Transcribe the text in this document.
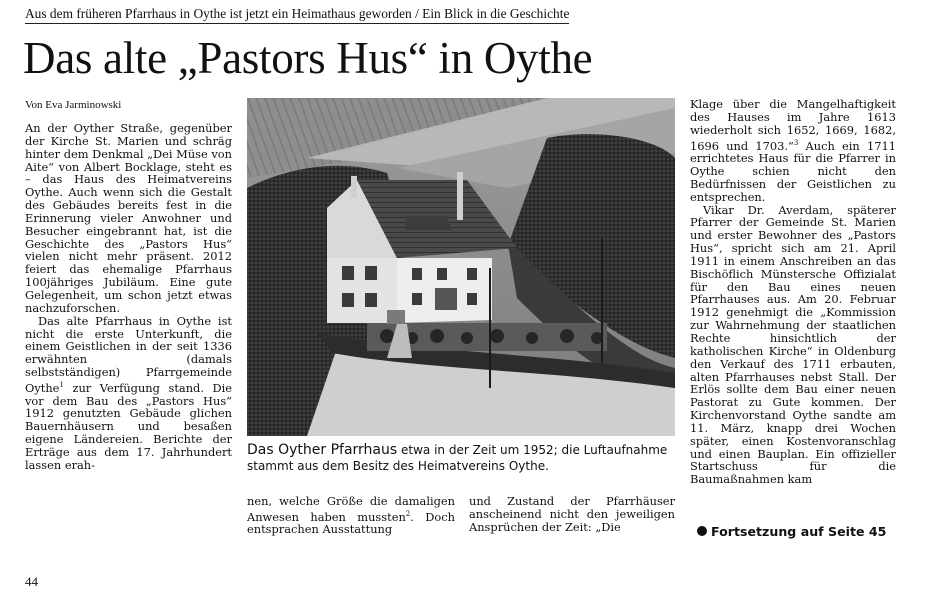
Aus dem früheren Pfarrhaus in Oythe ist jetzt ein Heimathaus geworden / Ein Blick in die Geschichte
Das alte „Pastors Hus“ in Oythe
Von Eva Jarminowski

An der Oyther Straße, gegenüber der Kirche St. Marien und schräg hinter dem Denkmal „Dei Müse von Aite“ von Albert Bocklage, steht es – das Haus des Heimatvereins Oythe. Auch wenn sich die Gestalt des Gebäudes bereits fest in die Erinnerung vieler Anwohner und Besucher eingebrannt hat, ist die Geschichte des „Pastors Hus“ vielen nicht mehr präsent. 2012 feiert das ehemalige Pfarrhaus 100jähriges Jubiläum. Eine gute Gelegenheit, um schon jetzt etwas nachzuforschen.

Das alte Pfarrhaus in Oythe ist nicht die erste Unterkunft, die einem Geistlichen in der seit 1336 erwähnten (damals selbstständigen) Pfarrgemeinde Oythe$^1$ zur Verfügung stand. Die vor dem Bau des „Pastors Hus“ 1912 genutzten Gebäude glichen Bauernhäusern und besaßen eigene Ländereien. Berichte der Erträge aus dem 17. Jahrhundert lassen erah-

Das Oyther Pfarrhaus etwa in der Zeit um 1952; die Luftaufnahme stammt aus dem Besitz des Heimatvereins Oythe.

nen, welche Größe die damaligen Anwesen haben mussten$^2$. Doch entsprachen Ausstattung

und Zustand der Pfarrhäuser anscheinend nicht den jeweiligen Ansprüchen der Zeit: „Die

Klage über die Mangelhaftigkeit des Hauses im Jahre 1613 wiederholt sich 1652, 1669, 1682, 1696 und 1703.“$^3$ Auch ein 1711 errichtetes Haus für die Pfarrer in Oythe schien nicht den Bedürfnissen der Geistlichen zu entsprechen.

Vikar Dr. Averdam, späterer Pfarrer der Gemeinde St. Marien und erster Bewohner des „Pastors Hus“, spricht sich am 21. April 1911 in einem Anschreiben an das Bischöflich Münstersche Offizialat für den Bau eines neuen Pfarrhauses aus. Am 20. Februar 1912 genehmigt die „Kommission zur Wahrnehmung der staatlichen Rechte hinsichtlich der katholischen Kirche“ in Oldenburg den Verkauf des 1711 erbauten, alten Pfarrhauses nebst Stall. Der Erlös sollte dem Bau einer neuen Pastorat zu Gute kommen. Der Kirchenvorstand Oythe sandte am 11. März, knapp drei Wochen später, einen Kostenvoranschlag und einen Bauplan. Ein offizieller Startschuss für die Baumaßnahmen kam

Fortsetzung auf Seite 45
44
